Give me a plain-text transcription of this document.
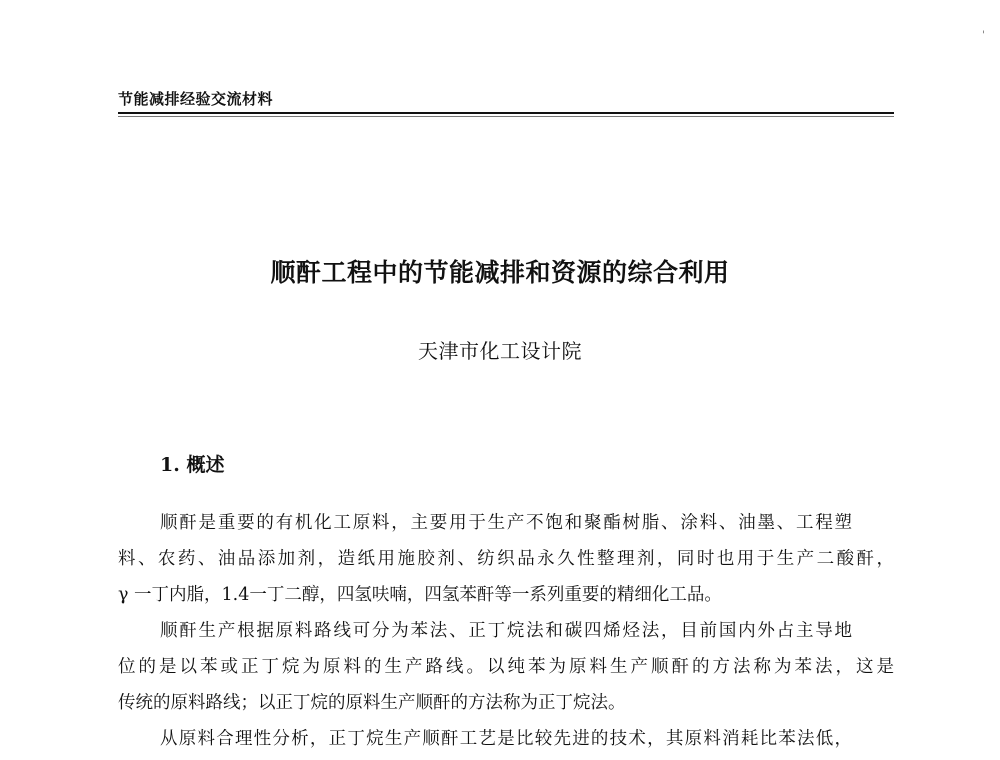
'
节能减排经验交流材料
顺酐工程中的节能减排和资源的综合利用
天津市化工设计院
1. 概述

顺酐是重要的有机化工原料，主要用于生产不饱和聚酯树脂、涂料、油墨、工程塑
料、农药、油品添加剂，造纸用施胶剂、纺织品永久性整理剂，同时也用于生产二酸酐，
γ 一丁内脂，1.4一丁二醇，四氢呋喃，四氢苯酐等一系列重要的精细化工品。

顺酐生产根据原料路线可分为苯法、正丁烷法和碳四烯烃法，目前国内外占主导地
位的是以苯或正丁烷为原料的生产路线。以纯苯为原料生产顺酐的方法称为苯法，这是
传统的原料路线；以正丁烷的原料生产顺酐的方法称为正丁烷法。

从原料合理性分析，正丁烷生产顺酐工艺是比较先进的技术，其原料消耗比苯法低，
